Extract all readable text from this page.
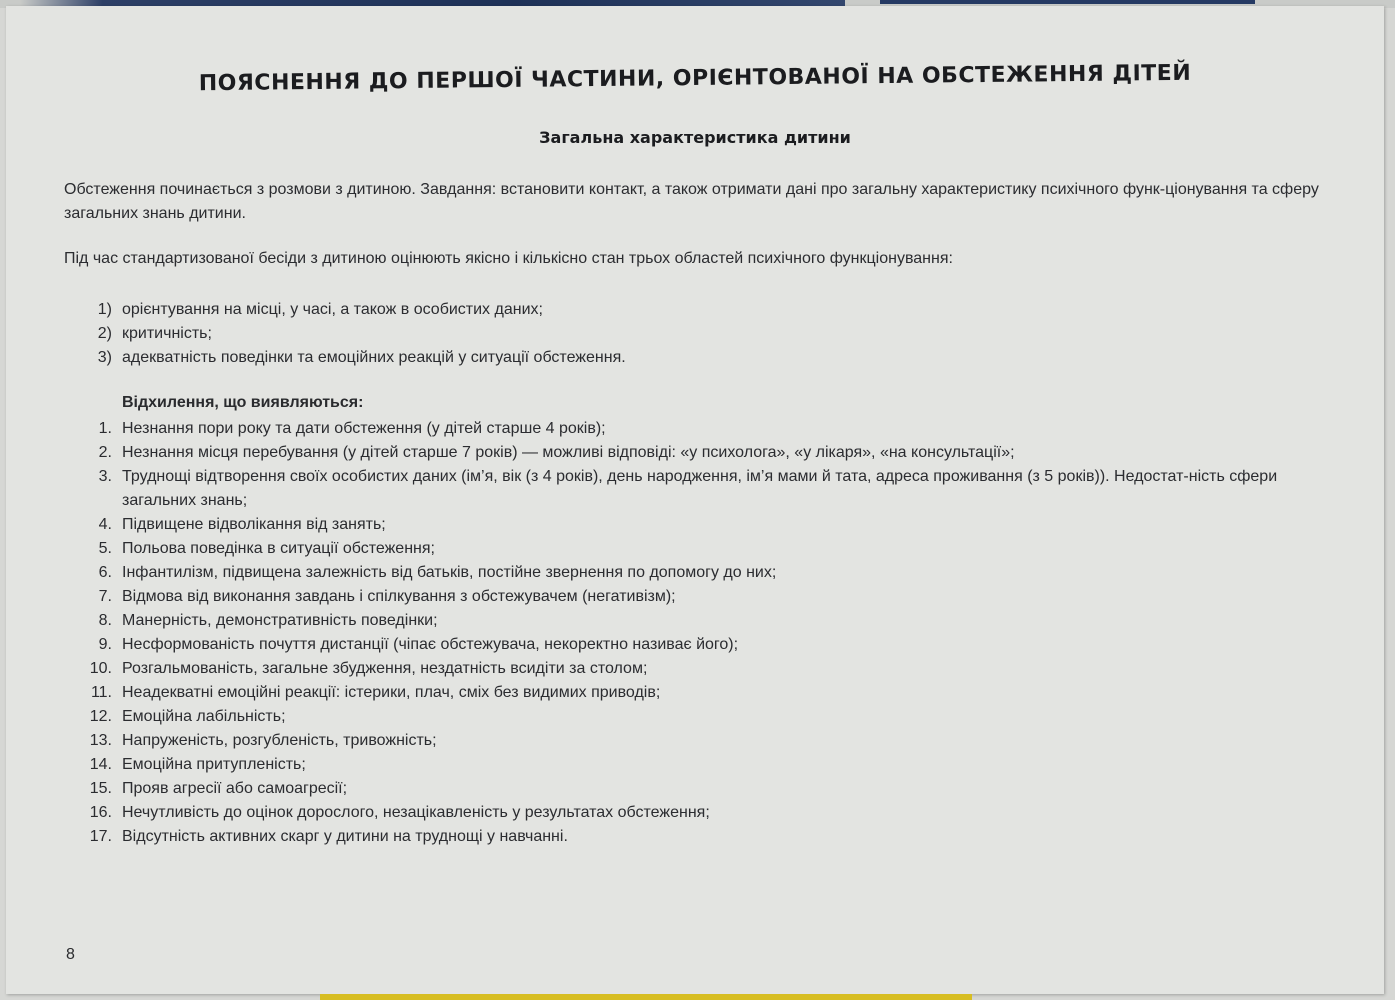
ПОЯСНЕННЯ ДО ПЕРШОЇ ЧАСТИНИ, ОРІЄНТОВАНОЇ НА ОБСТЕЖЕННЯ ДІТЕЙ
Загальна характеристика дитини
Обстеження починається з розмови з дитиною. Завдання: встановити контакт, а також отримати дані про загальну характеристику психічного функ-ціонування та сферу загальних знань дитини.
Під час стандартизованої бесіди з дитиною оцінюють якісно і кількісно стан трьох областей психічного функціонування:
1) орієнтування на місці, у часі, а також в особистих даних;
2) критичність;
3) адекватність поведінки та емоційних реакцій у ситуації обстеження.
Відхилення, що виявляються:
1. Незнання пори року та дати обстеження (у дітей старше 4 років);
2. Незнання місця перебування (у дітей старше 7 років) — можливі відповіді: «у психолога», «у лікаря», «на консультації»;
3. Труднощі відтворення своїх особистих даних (ім’я, вік (з 4 років), день народження, ім’я мами й тата, адреса проживання (з 5 років)). Недостат-ність сфери загальних знань;
4. Підвищене відволікання від занять;
5. Польова поведінка в ситуації обстеження;
6. Інфантилізм, підвищена залежність від батьків, постійне звернення по допомогу до них;
7. Відмова від виконання завдань і спілкування з обстежувачем (негативізм);
8. Манерність, демонстративність поведінки;
9. Несформованість почуття дистанції (чіпає обстежувача, некоректно називає його);
10. Розгальмованість, загальне збудження, нездатність всидіти за столом;
11. Неадекватні емоційні реакції: істерики, плач, сміх без видимих приводів;
12. Емоційна лабільність;
13. Напруженість, розгубленість, тривожність;
14. Емоційна притупленість;
15. Прояв агресії або самоагресії;
16. Нечутливість до оцінок дорослого, незацікавленість у результатах обстеження;
17. Відсутність активних скарг у дитини на труднощі у навчанні.
8
